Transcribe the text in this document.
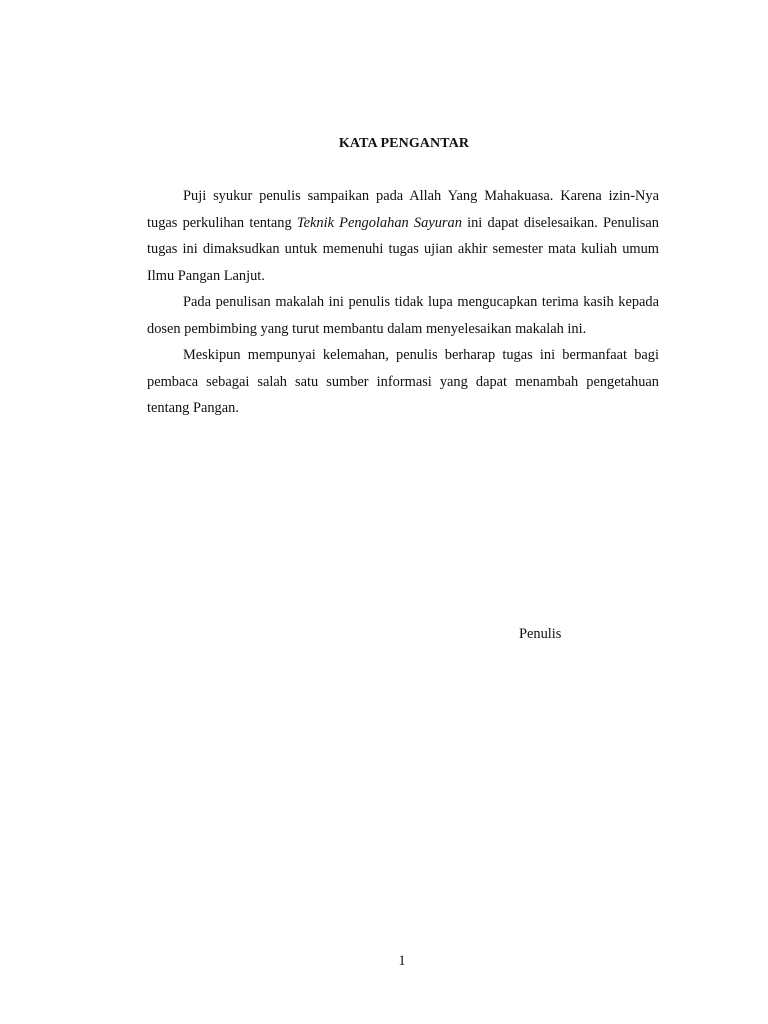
KATA PENGANTAR

Puji syukur penulis sampaikan pada Allah Yang Mahakuasa. Karena izin-Nya tugas perkulihan tentang Teknik Pengolahan Sayuran ini dapat diselesaikan. Penulisan tugas ini dimaksudkan untuk memenuhi tugas ujian akhir semester mata kuliah umum Ilmu Pangan Lanjut.

Pada penulisan makalah ini penulis tidak lupa mengucapkan terima kasih kepada dosen pembimbing yang turut membantu dalam menyelesaikan makalah ini.

Meskipun mempunyai kelemahan, penulis berharap tugas ini bermanfaat bagi pembaca sebagai salah satu sumber informasi yang dapat menambah pengetahuan tentang Pangan.

Penulis
1
